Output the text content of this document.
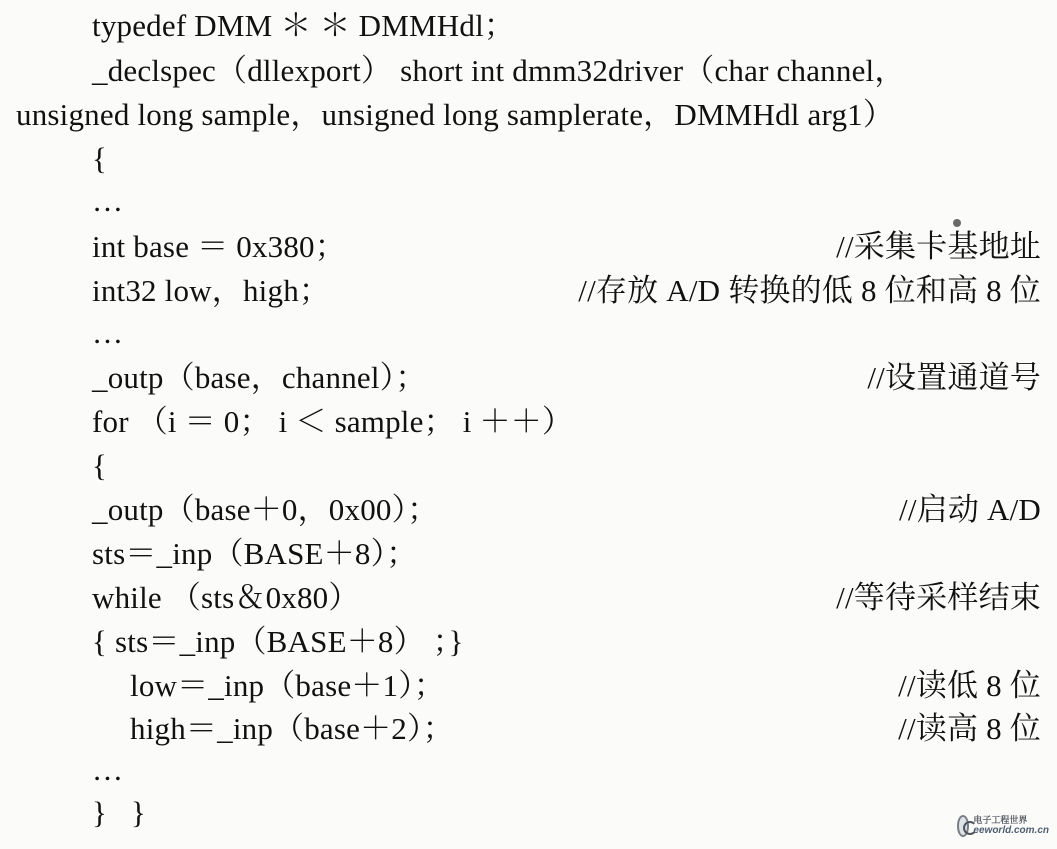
typedef DMM ＊ ＊ DMMHdl；
_declspec（dllexport） short int dmm32driver（char channel，
unsigned long sample，unsigned long samplerate，DMMHdl arg1）
{
…
int base ＝ 0x380；	//采集卡基地址
int32 low，high；	//存放 A/D 转换的低 8 位和高 8 位
…
_outp（base，channel）；	//设置通道号
for （i ＝ 0； i ＜ sample； i ＋＋）
{
_outp（base＋0，0x00）；	//启动 A/D
sts＝_inp（BASE＋8）；
while （sts＆0x80）	//等待采样结束
{ sts＝_inp（BASE＋8） ；}
low＝_inp（base＋1）；	//读低 8 位
high＝_inp（base＋2）；	//读高 8 位
…
}   }	电子工程世界
eeworld.com.cn
